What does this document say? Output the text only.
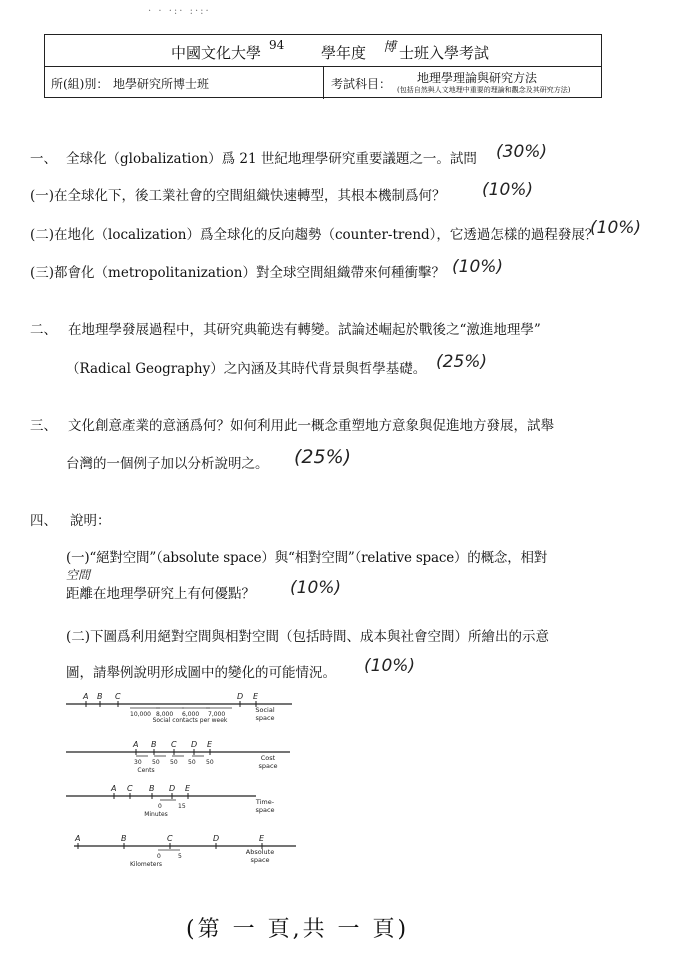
· · ·:· :·:·
中國文化大學 94 學年度 博 士班入學考試
所(組)別： 地學研究所博士班	考試科目： 地理學理論與研究方法
(包括自然與人文地理中重要的理論和觀念及其研究方法)
一、 全球化（globalization）爲 21 世紀地理學研究重要議題之一。試問 (30%)
(一)在全球化下，後工業社會的空間組織快速轉型，其根本機制爲何？ (10%)
(二)在地化（localization）爲全球化的反向趨勢（counter-trend），它透過怎樣的過程發展？
(10%)
(三)都會化（metropolitanization）對全球空間組織帶來何種衝擊？ (10%)
二、 在地理學發展過程中，其研究典範迭有轉變。試論述崛起於戰後之“激進地理學”
（Radical Geography）之內涵及其時代背景與哲學基礎。 (25%)
三、 文化創意產業的意涵爲何？如何利用此一概念重塑地方意象與促進地方發展，試舉
台灣的一個例子加以分析說明之。 (25%)
四、 說明：
(一)“絕對空間”（absolute space）與“相對空間”（relative space）的概念，相對
空間
距離在地理學研究上有何優點？ (10%)
(二)下圖爲利用絕對空間與相對空間（包括時間、成本與社會空間）所繪出的示意
圖，請舉例說明形成圖中的變化的可能情況。 (10%)
A B C	D E
10,000 8,000 6,000 7,000
Social contacts per week
Social
space
A B C D E
30 50 50 50 50
Cents
Cost
space
A C B D E
0	15
Minutes
Time-
space
A	B	C	D	E
0	5
Kilometers
Absolute
space
(第 一 頁,共 一 頁)
